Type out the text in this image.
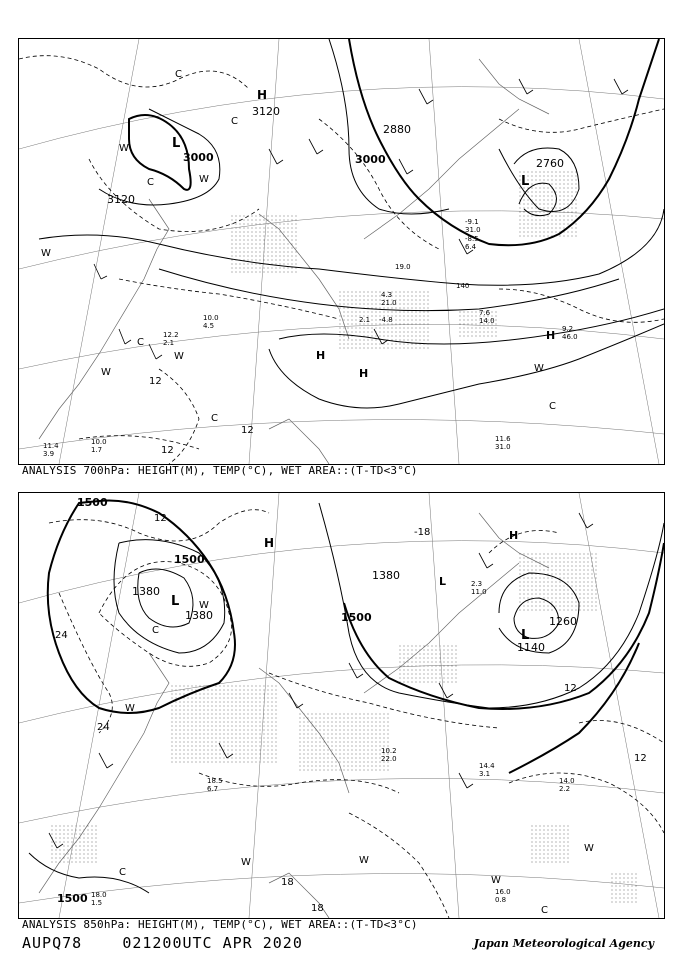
3120
3000
3120
3000
2880
2760
H
L
L
H
H
H
C
C
C
W
W
W
W
W
C
C
W
12
12
12
C
140
11.6
31.0
9.2
46.0
7.6
14.0
10.0
1.7
11.4
3.9
-8.5
6.4
-9.1
31.0
2.1 -4.8
19.0
4.3
21.0
10.0
4.5
12.2
2.1
ANALYSIS 700hPa: HEIGHT(M), TEMP(°C), WET AREA::(T-TD<3°C)
1500
1500
1380
1380	1500
1380
1260
1140
1500
H
L
L
H
L
12
24
24
-18
12
12
18
18
C
C
W
W
W	W
W
W
C
14.4
3.1
14.0
2.2
16.0
0.8
18.5
6.7
10.2
22.0
2.3
11.0
18.0
1.5
ANALYSIS 850hPa: HEIGHT(M), TEMP(°C), WET AREA::(T-TD<3°C)
AUPQ78	021200UTC APR 2020	Japan Meteorological Agency
